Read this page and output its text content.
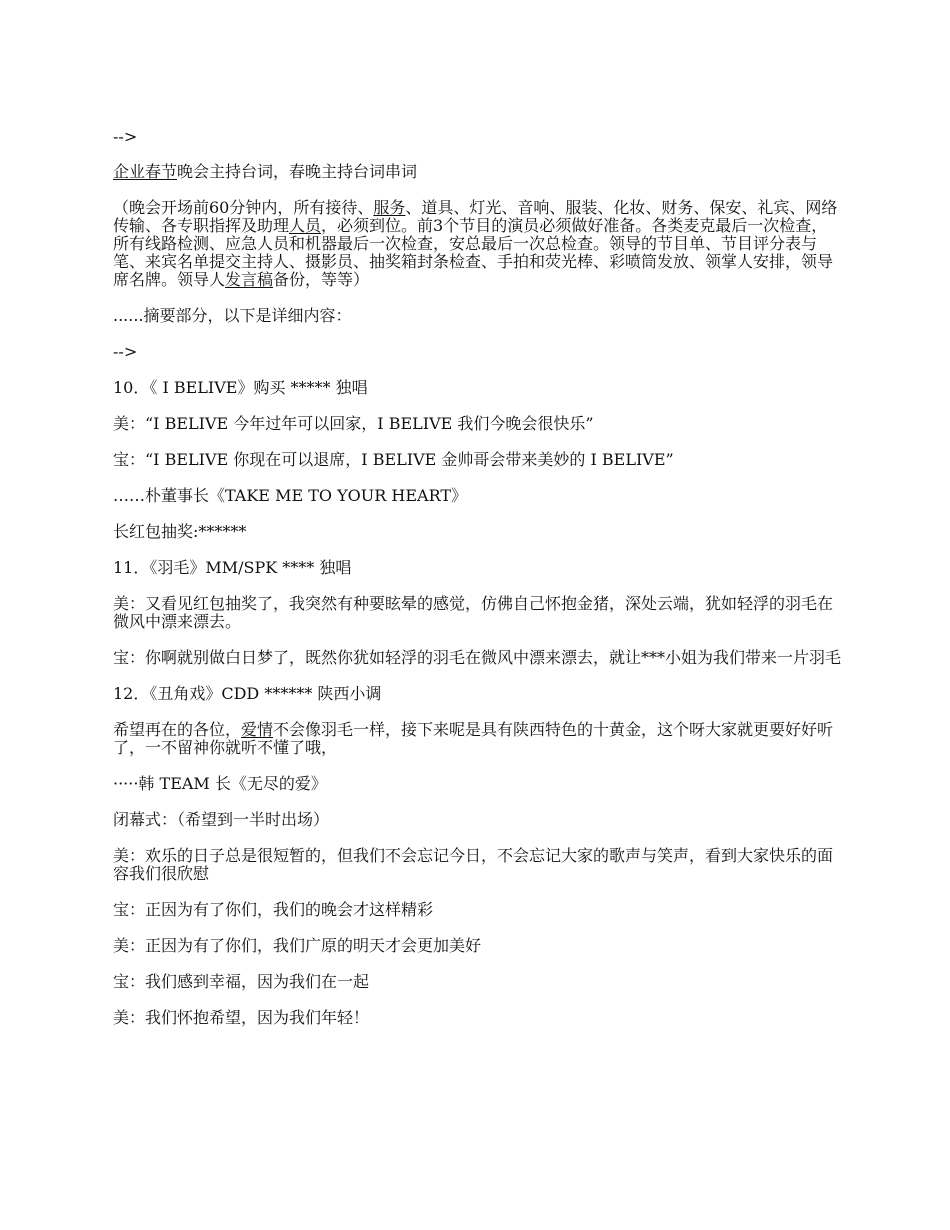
-->

企业春节晚会主持台词，春晚主持台词串词

（晚会开场前60分钟内，所有接待、服务、道具、灯光、音响、服装、化妆、财务、保安、礼宾、网络传输、各专职指挥及助理人员，必须到位。前3个节目的演员必须做好准备。各类麦克最后一次检查，所有线路检测、应急人员和机器最后一次检查，安总最后一次总检查。领导的节目单、节目评分表与笔、来宾名单提交主持人、摄影员、抽奖箱封条检查、手拍和荧光棒、彩喷筒发放、领掌人安排，领导席名牌。领导人发言稿备份，等等）

......摘要部分，以下是详细内容：

-->

10．《 I BELIVE》购买 ***** 独唱

美：“I BELIVE 今年过年可以回家，I BELIVE 我们今晚会很快乐”

宝：“I BELIVE 你现在可以退席，I BELIVE 金帅哥会带来美妙的 I BELIVE”

……朴董事长《TAKE ME TO YOUR HEART》

长红包抽奖:******

11．《羽毛》MM/SPK **** 独唱

美：又看见红包抽奖了，我突然有种要眩晕的感觉，仿佛自己怀抱金猪，深处云端，犹如轻浮的羽毛在微风中漂来漂去。

宝：你啊就别做白日梦了，既然你犹如轻浮的羽毛在微风中漂来漂去，就让***小姐为我们带来一片羽毛

12．《丑角戏》CDD ****** 陕西小调

希望再在的各位，爱情不会像羽毛一样，接下来呢是具有陕西特色的十黄金，这个呀大家就更要好好听了，一不留神你就听不懂了哦，

·····韩 TEAM 长《无尽的爱》

闭幕式：（希望到一半时出场）

美：欢乐的日子总是很短暂的，但我们不会忘记今日，不会忘记大家的歌声与笑声，看到大家快乐的面容我们很欣慰

宝：正因为有了你们，我们的晚会才这样精彩

美：正因为有了你们，我们广原的明天才会更加美好

宝：我们感到幸福，因为我们在一起

美：我们怀抱希望，因为我们年轻！
